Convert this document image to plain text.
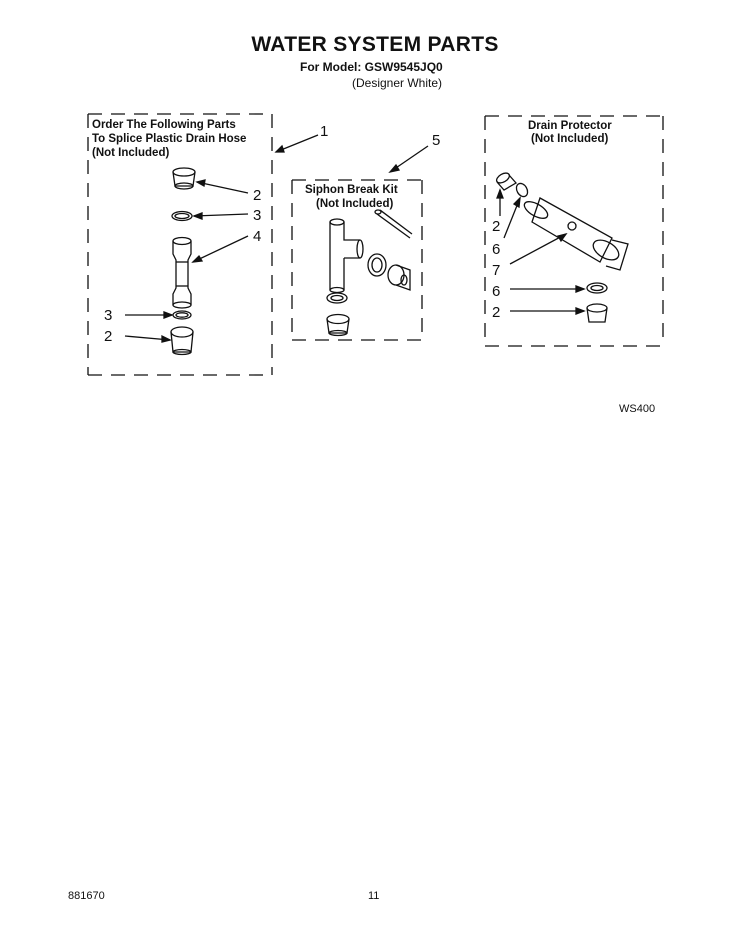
WATER SYSTEM PARTS
For Model: GSW9545JQ0
(Designer White)
Order The Following Parts
To Splice Plastic Drain Hose
(Not Included)
Siphon Break Kit
(Not Included)
Drain Protector
(Not Included)
1
5
2
3
4
3
2
2
6
7
6
2
WS400
881670	11
